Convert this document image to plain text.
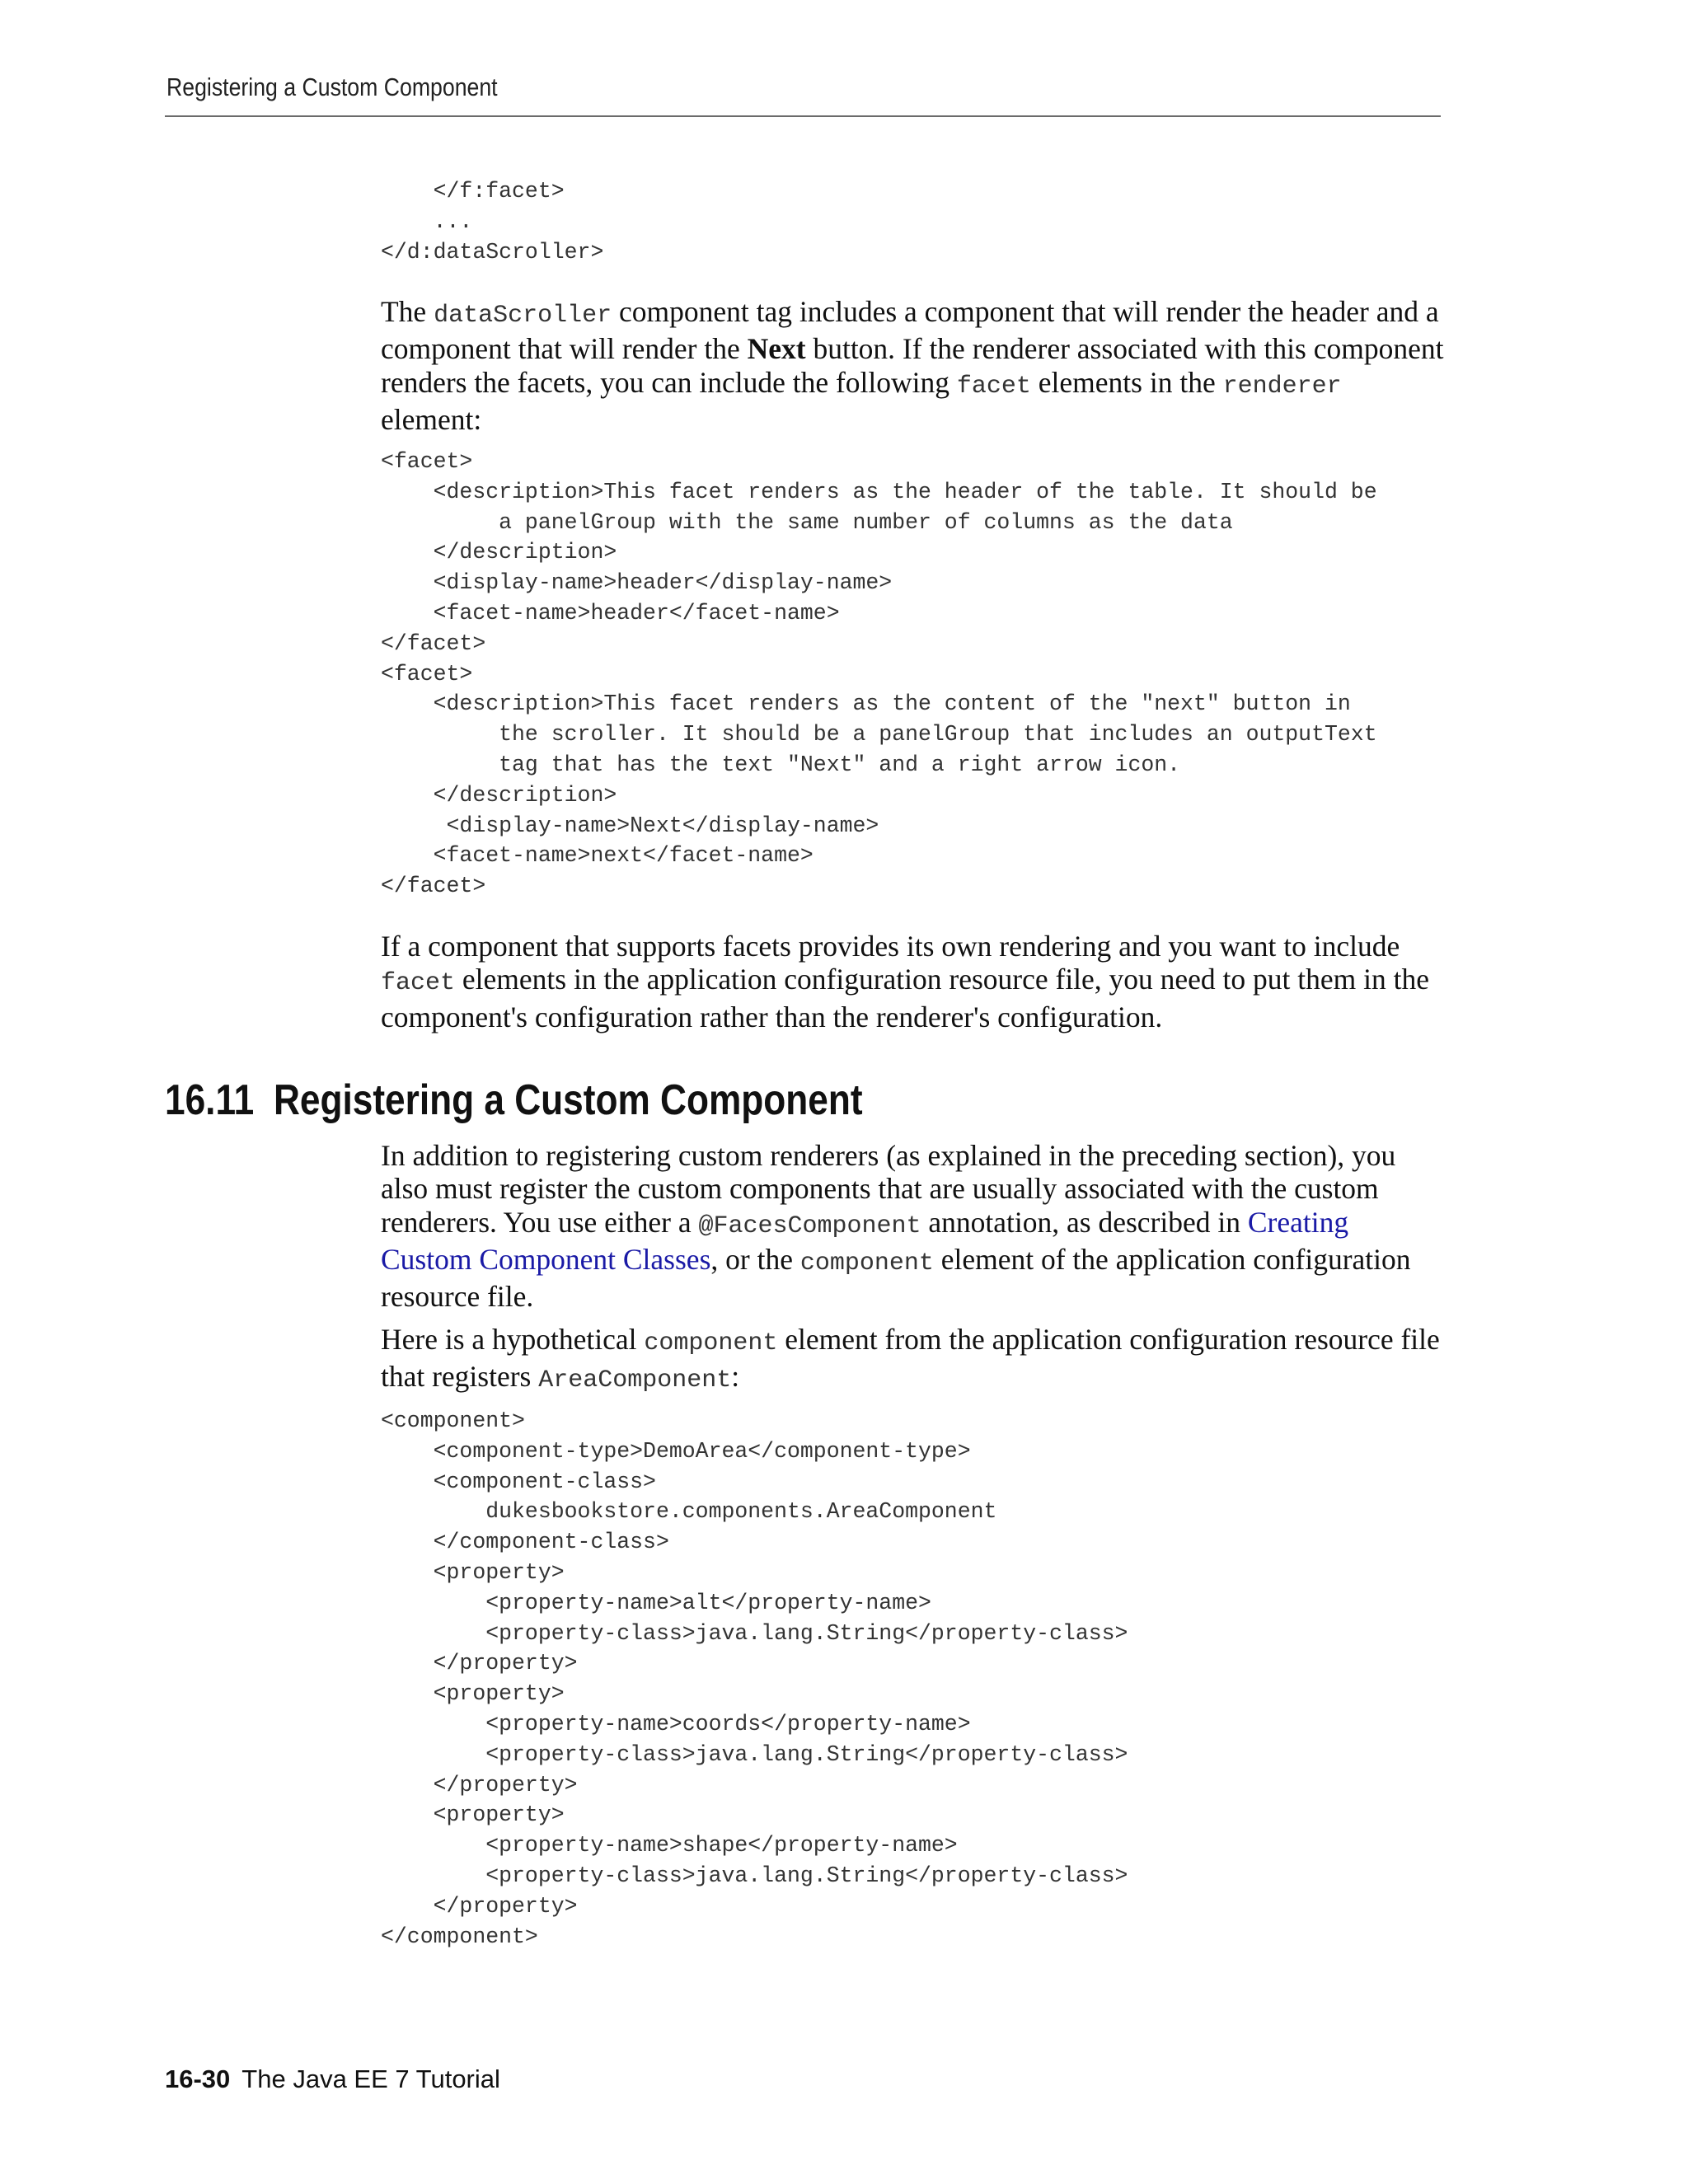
Registering a Custom Component
</f:facet>
...
</d:dataScroller>

The dataScroller component tag includes a component that will render the header and a component that will render the Next button. If the renderer associated with this component renders the facets, you can include the following facet elements in the renderer element:

<facet>
<description>This facet renders as the header of the table. It should be
a panelGroup with the same number of columns as the data
</description>
<display-name>header</display-name>
<facet-name>header</facet-name>
</facet>
<facet>
<description>This facet renders as the content of the "next" button in
the scroller. It should be a panelGroup that includes an outputText
tag that has the text "Next" and a right arrow icon.
</description>
<display-name>Next</display-name>
<facet-name>next</facet-name>
</facet>

If a component that supports facets provides its own rendering and you want to include facet elements in the application configuration resource file, you need to put them in the component's configuration rather than the renderer's configuration.

16.11 Registering a Custom Component

In addition to registering custom renderers (as explained in the preceding section), you also must register the custom components that are usually associated with the custom renderers. You use either a @FacesComponent annotation, as described in Creating Custom Component Classes, or the component element of the application configuration resource file.

Here is a hypothetical component element from the application configuration resource file that registers AreaComponent:

<component>
<component-type>DemoArea</component-type>
<component-class>
dukesbookstore.components.AreaComponent
</component-class>
<property>
<property-name>alt</property-name>
<property-class>java.lang.String</property-class>
</property>
<property>
<property-name>coords</property-name>
<property-class>java.lang.String</property-class>
</property>
<property>
<property-name>shape</property-name>
<property-class>java.lang.String</property-class>
</property>
</component>
16-30 The Java EE 7 Tutorial
